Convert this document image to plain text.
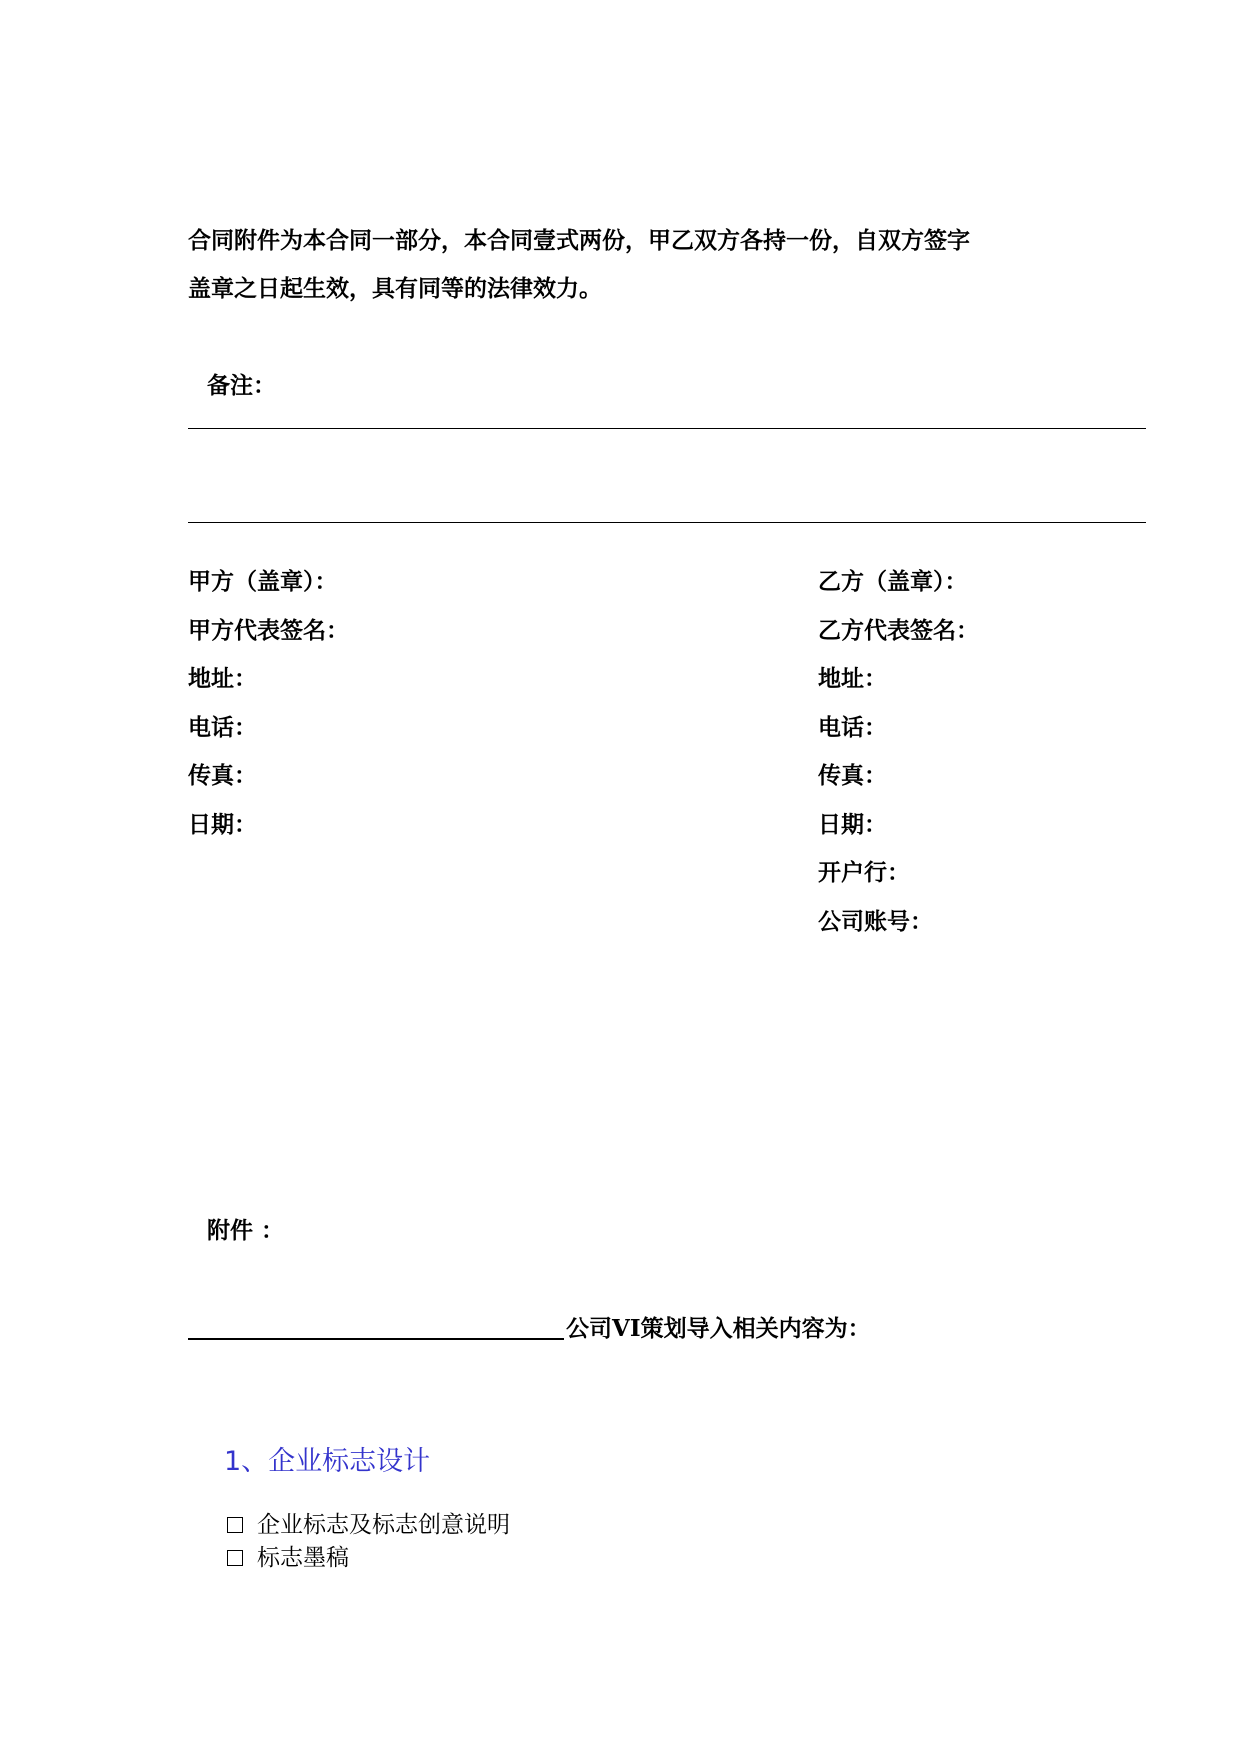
合同附件为本合同一部分，本合同壹式两份，甲乙双方各持一份，自双方签字
盖章之日起生效，具有同等的法律效力。
备注：
甲方（盖章）：
甲方代表签名：
地址：
电话：
传真：
日期：
乙方（盖章）：
乙方代表签名：
地址：
电话：
传真：
日期：
开户行：
公司账号：
附件 ：
公司VI策划导入相关内容为：
1、企业标志设计
企业标志及标志创意说明
标志墨稿
